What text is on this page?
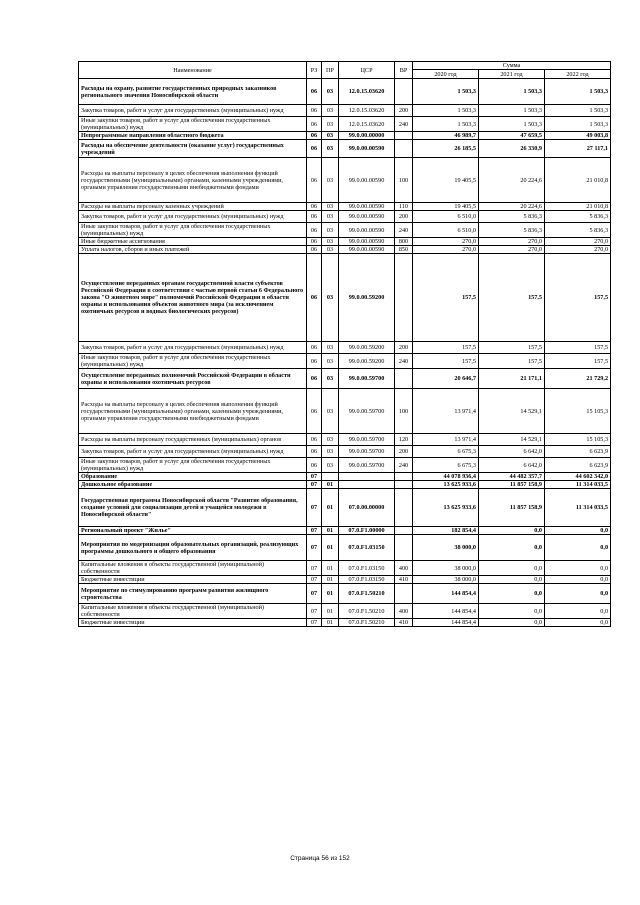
Наименование	РЗ	ПР	ЦСР	ВР	Сумма		
					2020 год	2021 год	2022 год
Расходы на охрану, развитие государственных природных заказников регионального значения Новосибирской области	06	03	12.0.15.03620		1 503,3	1 503,3	1 503,3
Закупка товаров, работ и услуг для государственных (муниципальных) нужд	06	03	12.0.15.03620	200	1 503,3	1 503,3	1 503,3
Иные закупки товаров, работ и услуг для обеспечения государственных (муниципальных) нужд	06	03	12.0.15.03620	240	1 503,3	1 503,3	1 503,3
Непрограммные направления областного бюджета	06	03	99.0.00.00000		46 989,7	47 659,5	49 003,8
Расходы на обеспечение деятельности (оказание услуг) государственных учреждений	06	03	99.0.00.00590		26 185,5	26 330,9	27 117,1
Расходы на выплаты персоналу в целях обеспечения выполнения функций государственными (муниципальными) органами, казенными учреждениями, органами управления государственными внебюджетными фондами	06	03	99.0.00.00590	100	19 405,5	20 224,6	21 010,8
Расходы на выплаты персоналу казенных учреждений	06	03	99.0.00.00590	110	19 405,5	20 224,6	21 010,8
Закупка товаров, работ и услуг для государственных (муниципальных) нужд	06	03	99.0.00.00590	200	6 510,0	5 836,3	5 836,3
Иные закупки товаров, работ и услуг для обеспечения государственных (муниципальных) нужд	06	03	99.0.00.00590	240	6 510,0	5 836,3	5 836,3
Иные бюджетные ассигнования	06	03	99.0.00.00590	800	270,0	270,0	270,0
Уплата налогов, сборов и иных платежей	06	03	99.0.00.00590	850	270,0	270,0	270,0
Осуществление переданных органам государственной власти субъектов Российской Федерации в соответствии с частью первой статьи 6 Федерального закона "О животном мире" полномочий Российской Федерации в области охраны и использования объектов животного мира (за исключением охотничьих ресурсов и водных биологических ресурсов)	06	03	99.0.00.59200		157,5	157,5	157,5
Закупка товаров, работ и услуг для государственных (муниципальных) нужд	06	03	99.0.00.59200	200	157,5	157,5	157,5
Иные закупки товаров, работ и услуг для обеспечения государственных (муниципальных) нужд	06	03	99.0.00.59200	240	157,5	157,5	157,5
Осуществление переданных полномочий Российской Федерации в области охраны и использования охотничьих ресурсов	06	03	99.0.00.59700		20 646,7	21 171,1	21 729,2
Расходы на выплаты персоналу в целях обеспечения выполнения функций государственными (муниципальными) органами, казенными учреждениями, органами управления государственными внебюджетными фондами	06	03	99.0.00.59700	100	13 971,4	14 529,1	15 105,3
Расходы на выплаты персоналу государственных (муниципальных) органов	06	03	99.0.00.59700	120	13 971,4	14 529,1	15 105,3
Закупка товаров, работ и услуг для государственных (муниципальных) нужд	06	03	99.0.00.59700	200	6 675,3	6 642,0	6 623,9
Иные закупки товаров, работ и услуг для обеспечения государственных (муниципальных) нужд	06	03	99.0.00.59700	240	6 675,3	6 642,0	6 623,9
Образование	07				44 078 936,4	44 482 357,7	44 602 342,0
Дошкольное образование	07	01			13 625 933,6	11 857 158,9	11 314 033,5
Государственная программа Новосибирской области "Развитие образования, создание условий для социализации детей и учащейся молодежи в Новосибирской области"	07	01	07.0.00.00000		13 625 933,6	11 857 158,9	11 314 033,5
Региональный проект "Жилье"	07	01	07.0.F1.00000		182 854,4	0,0	0,0
Мероприятия по модернизации образовательных организаций, реализующих программы дошкольного и общего образования	07	01	07.0.F1.03150		38 000,0	0,0	0,0
Капитальные вложения в объекты государственной (муниципальной) собственности	07	01	07.0.F1.03150	400	38 000,0	0,0	0,0
Бюджетные инвестиции	07	01	07.0.F1.03150	410	38 000,0	0,0	0,0
Мероприятие по стимулированию программ развития жилищного строительства	07	01	07.0.F1.50210		144 854,4	0,0	0,0
Капитальные вложения в объекты государственной (муниципальной) собственности	07	01	07.0.F1.50210	400	144 854,4	0,0	0,0
Бюджетные инвестиции	07	01	07.0.F1.50210	410	144 854,4	0,0	0,0
Страница 56 из 152
